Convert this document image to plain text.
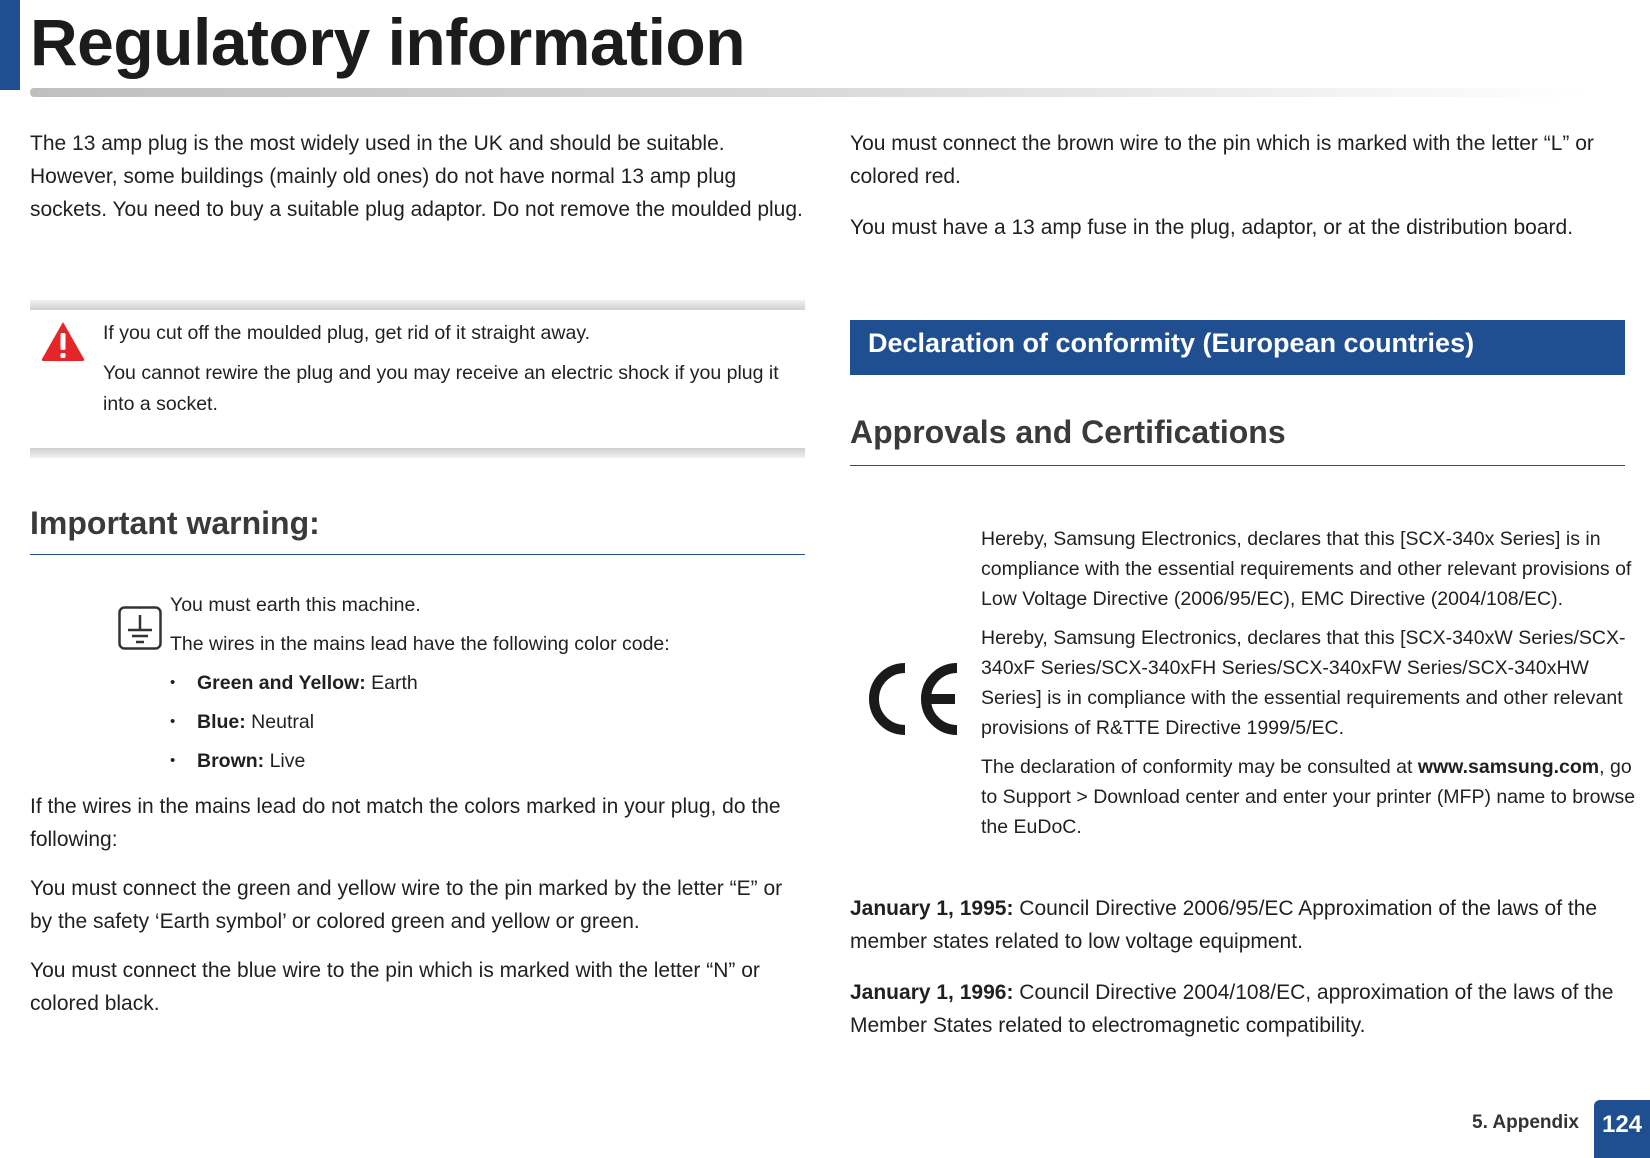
Regulatory information

The 13 amp plug is the most widely used in the UK and should be suitable. However, some buildings (mainly old ones) do not have normal 13 amp plug sockets. You need to buy a suitable plug adaptor. Do not remove the moulded plug.

If you cut off the moulded plug, get rid of it straight away.

You cannot rewire the plug and you may receive an electric shock if you plug it into a socket.

Important warning:

You must earth this machine.

The wires in the mains lead have the following color code:

• Green and Yellow: Earth
• Blue: Neutral
• Brown: Live

If the wires in the mains lead do not match the colors marked in your plug, do the following:

You must connect the green and yellow wire to the pin marked by the letter “E” or by the safety ‘Earth symbol’ or colored green and yellow or green.

You must connect the blue wire to the pin which is marked with the letter “N” or colored black.

You must connect the brown wire to the pin which is marked with the letter “L” or colored red.

You must have a 13 amp fuse in the plug, adaptor, or at the distribution board.

Declaration of conformity (European countries)
Approvals and Certifications

Hereby, Samsung Electronics, declares that this [SCX-340x Series] is in compliance with the essential requirements and other relevant provisions of Low Voltage Directive (2006/95/EC), EMC Directive (2004/108/EC).

Hereby, Samsung Electronics, declares that this [SCX-340xW Series/SCX-340xF Series/SCX-340xFH Series/SCX-340xFW Series/SCX-340xHW Series] is in compliance with the essential requirements and other relevant provisions of R&TTE Directive 1999/5/EC.

The declaration of conformity may be consulted at www.samsung.com, go to Support > Download center and enter your printer (MFP) name to browse the EuDoC.

January 1, 1995: Council Directive 2006/95/EC Approximation of the laws of the member states related to low voltage equipment.

January 1, 1996: Council Directive 2004/108/EC, approximation of the laws of the Member States related to electromagnetic compatibility.

5. Appendix 124
